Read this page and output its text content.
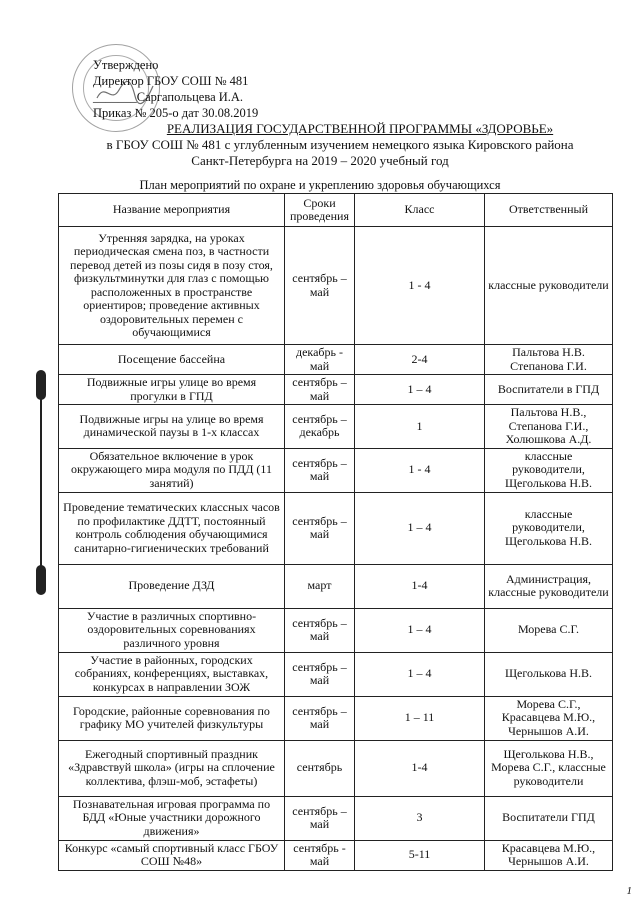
Утверждено
Директор ГБОУ СОШ № 481
_______Саргапольцева И.А.
Приказ № 205-о дат 30.08.2019
РЕАЛИЗАЦИЯ ГОСУДАРСТВЕННОЙ ПРОГРАММЫ «ЗДОРОВЬЕ»
в ГБОУ СОШ № 481 с углубленным изучением немецкого языка Кировского района
Санкт-Петербурга на 2019 – 2020 учебный год
План мероприятий по охране и укреплению здоровья обучающихся
Название мероприятия	Сроки проведения	Класс	Ответственный
Утренняя зарядка, на уроках периодическая смена поз, в частности перевод детей из позы сидя в позу стоя, физкультминутки для глаз с помощью расположенных в пространстве ориентиров; проведение активных оздоровительных перемен с обучающимися	сентябрь – май	1 - 4	классные руководители
Посещение бассейна	декабрь - май	2-4	Пальтова Н.В. Степанова Г.И.
Подвижные игры улице во время прогулки в ГПД	сентябрь – май	1 – 4	Воспитатели в ГПД
Подвижные игры на улице во время динамической паузы в 1-х классах	сентябрь – декабрь	1	Пальтова Н.В., Степанова Г.И., Холюшкова А.Д.
Обязательное включение в урок окружающего мира модуля по ПДД (11 занятий)	сентябрь – май	1 - 4	классные руководители, Щеголькова Н.В.
Проведение тематических классных часов по профилактике ДДТТ, постоянный контроль соблюдения обучающимися санитарно-гигиенических требований	сентябрь – май	1 – 4	классные руководители, Щеголькова Н.В.
Проведение ДЗД	март	1-4	Администрация, классные руководители
Участие в различных спортивно-оздоровительных соревнованиях различного уровня	сентябрь – май	1 – 4	Морева С.Г.
Участие в районных, городских собраниях, конференциях, выставках, конкурсах в направлении ЗОЖ	сентябрь – май	1 – 4	Щеголькова Н.В.
Городские, районные соревнования по графику МО учителей физкультуры	сентябрь – май	1 – 11	Морева С.Г., Красавцева М.Ю., Чернышов А.И.
Ежегодный спортивный праздник «Здравствуй школа» (игры на сплочение коллектива, флэш-моб, эстафеты)	сентябрь	1-4	Щеголькова Н.В., Морева С.Г., классные руководители
Познавательная игровая программа по БДД «Юные участники дорожного движения»	сентябрь – май	3	Воспитатели ГПД
Конкурс «самый спортивный класс ГБОУ СОШ №48»	сентябрь - май	5-11	Красавцева М.Ю., Чернышов А.И.
1
